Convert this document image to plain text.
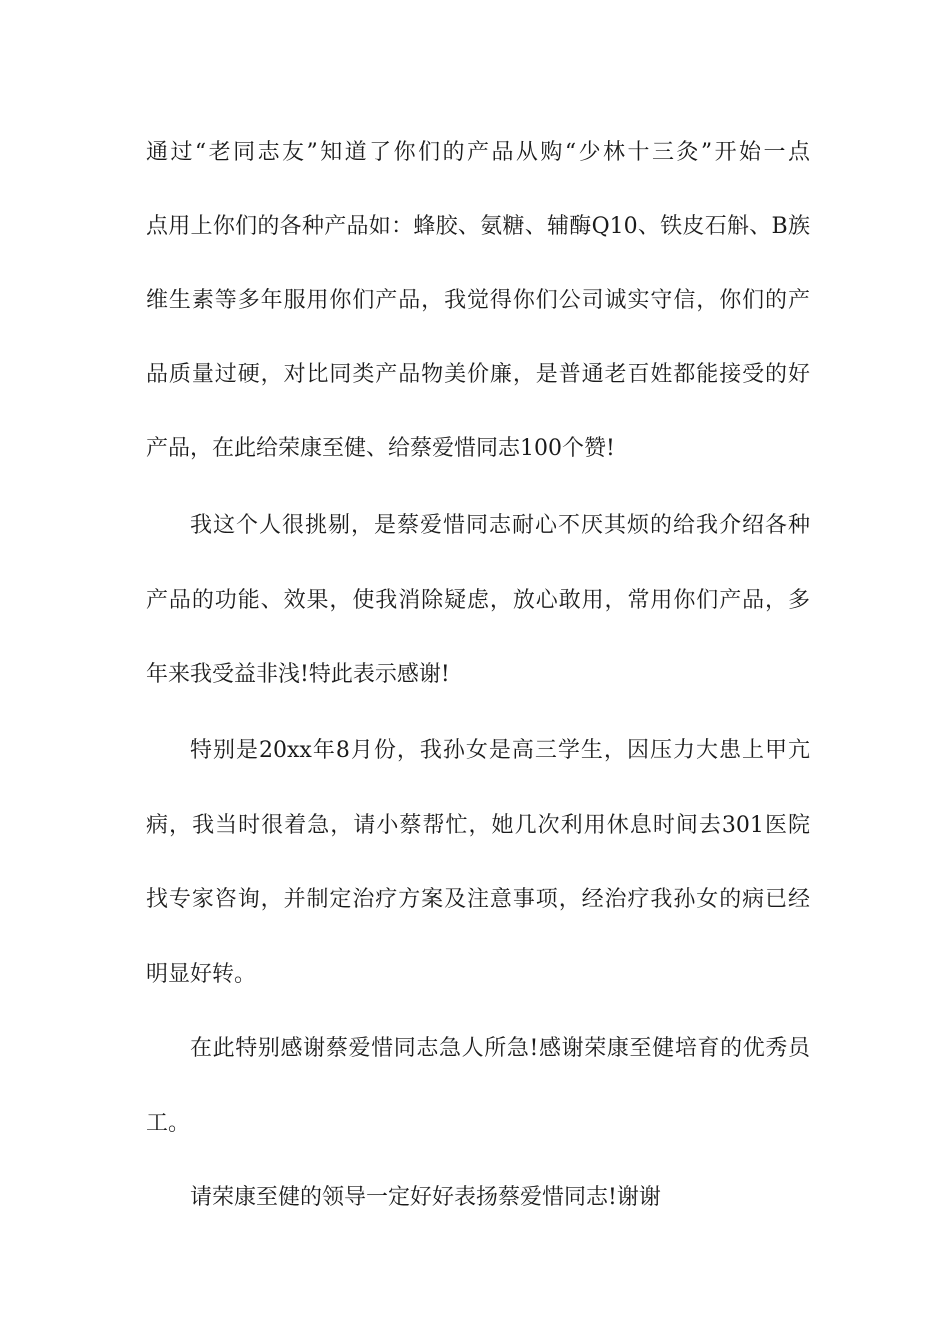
通过“老同志友”知道了你们的产品从购“少林十三灸”开始一点

点用上你们的各种产品如：蜂胶、氨糖、辅酶Q10、铁皮石斛、B族

维生素等多年服用你们产品，我觉得你们公司诚实守信，你们的产

品质量过硬，对比同类产品物美价廉，是普通老百姓都能接受的好

产品，在此给荣康至健、给蔡爱惜同志100个赞!

我这个人很挑剔，是蔡爱惜同志耐心不厌其烦的给我介绍各种

产品的功能、效果，使我消除疑虑，放心敢用，常用你们产品，多

年来我受益非浅!特此表示感谢!

特别是20xx年8月份，我孙女是高三学生，因压力大患上甲亢

病，我当时很着急，请小蔡帮忙，她几次利用休息时间去301医院

找专家咨询，并制定治疗方案及注意事项，经治疗我孙女的病已经

明显好转。

在此特别感谢蔡爱惜同志急人所急!感谢荣康至健培育的优秀员

工。

请荣康至健的领导一定好好表扬蔡爱惜同志!谢谢
